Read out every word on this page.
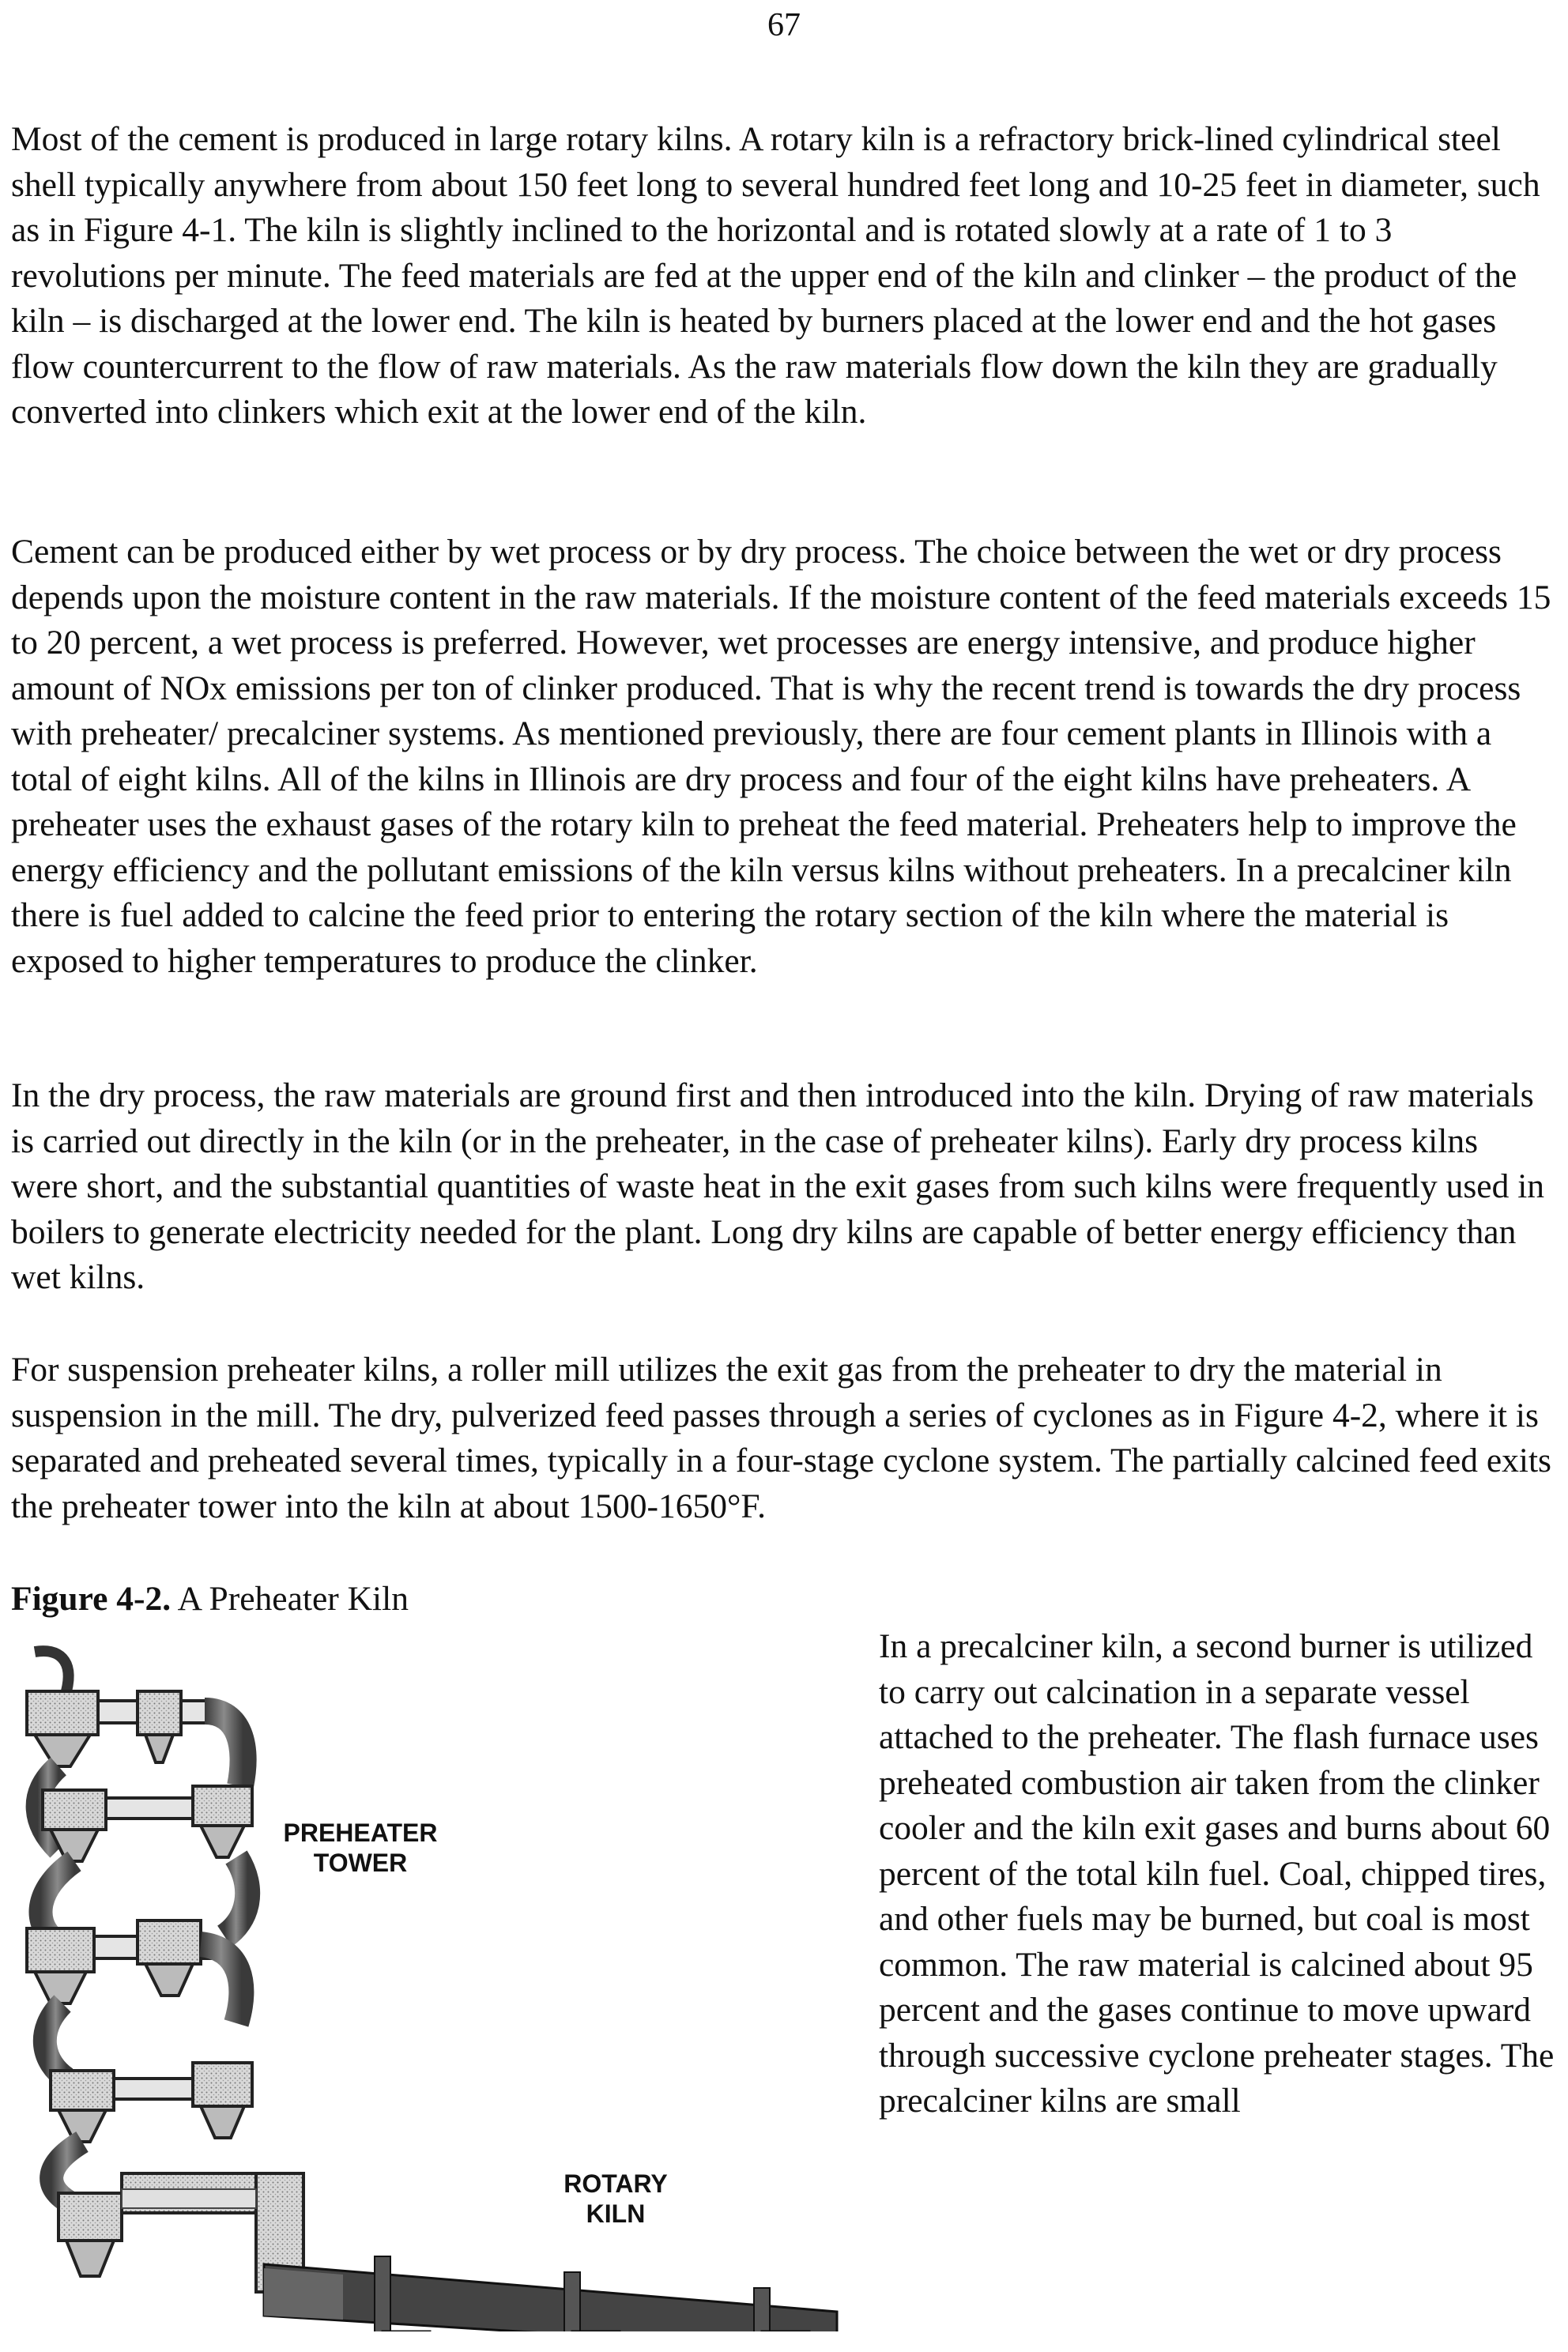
67

Most of the cement is produced in large rotary kilns. A rotary kiln is a refractory brick-lined cylindrical steel shell typically anywhere from about 150 feet long to several hundred feet long and 10-25 feet in diameter, such as in Figure 4-1. The kiln is slightly inclined to the horizontal and is rotated slowly at a rate of 1 to 3 revolutions per minute. The feed materials are fed at the upper end of the kiln and clinker – the product of the kiln – is discharged at the lower end. The kiln is heated by burners placed at the lower end and the hot gases flow countercurrent to the flow of raw materials. As the raw materials flow down the kiln they are gradually converted into clinkers which exit at the lower end of the kiln.

Cement can be produced either by wet process or by dry process. The choice between the wet or dry process depends upon the moisture content in the raw materials. If the moisture content of the feed materials exceeds 15 to 20 percent, a wet process is preferred. However, wet processes are energy intensive, and produce higher amount of NOx emissions per ton of clinker produced. That is why the recent trend is towards the dry process with preheater/ precalciner systems. As mentioned previously, there are four cement plants in Illinois with a total of eight kilns. All of the kilns in Illinois are dry process and four of the eight kilns have preheaters. A preheater uses the exhaust gases of the rotary kiln to preheat the feed material. Preheaters help to improve the energy efficiency and the pollutant emissions of the kiln versus kilns without preheaters. In a precalciner kiln there is fuel added to calcine the feed prior to entering the rotary section of the kiln where the material is exposed to higher temperatures to produce the clinker.

In the dry process, the raw materials are ground first and then introduced into the kiln. Drying of raw materials is carried out directly in the kiln (or in the preheater, in the case of preheater kilns). Early dry process kilns were short, and the substantial quantities of waste heat in the exit gases from such kilns were frequently used in boilers to generate electricity needed for the plant. Long dry kilns are capable of better energy efficiency than wet kilns.

For suspension preheater kilns, a roller mill utilizes the exit gas from the preheater to dry the material in suspension in the mill. The dry, pulverized feed passes through a series of cyclones as in Figure 4-2, where it is separated and preheated several times, typically in a four-stage cyclone system. The partially calcined feed exits the preheater tower into the kiln at about 1500-1650°F.

Figure 4-2. A Preheater Kiln
PREHEATER
TOWER
ROTARY
KILN

In a precalciner kiln, a second burner is utilized to carry out calcination in a separate vessel attached to the preheater. The flash furnace uses preheated combustion air taken from the clinker cooler and the kiln exit gases and burns about 60 percent of the total kiln fuel. Coal, chipped tires, and other fuels may be burned, but coal is most common. The raw material is calcined about 95 percent and the gases continue to move upward through successive cyclone preheater stages. The precalciner kilns are small
